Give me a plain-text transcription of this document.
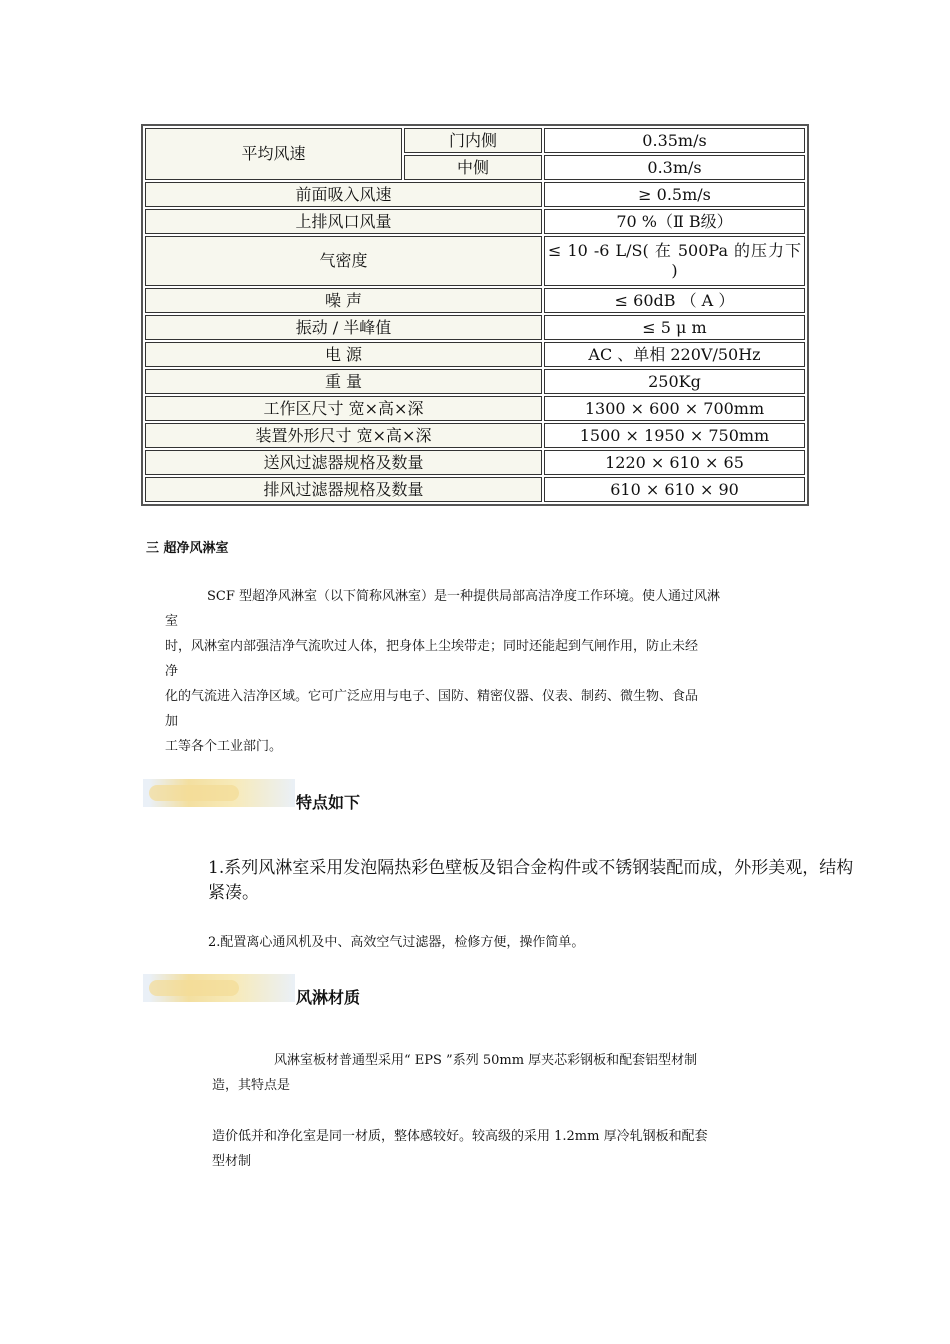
平均风速	门内侧	0.35m/s
	中侧	0.3m/s
前面吸入风速		≥ 0.5m/s
上排风口风量		70 %（Ⅱ B级）
气密度		≤ 10 -6 L/S( 在 500Pa 的压力下 )
噪 声		≤ 60dB （ A ）
振动 / 半峰值		≤ 5 μ m
电 源		AC 、单相 220V/50Hz
重 量		250Kg
工作区尺寸 宽×高×深		1300 × 600 × 700mm
装置外形尺寸 宽×高×深		1500 × 1950 × 750mm
送风过滤器规格及数量		1220 × 610 × 65
排风过滤器规格及数量		610 × 610 × 90
三 超净风淋室

SCF 型超净风淋室（以下简称风淋室）是一种提供局部高洁净度工作环境。使人通过风淋

室

时，风淋室内部强洁净气流吹过人体，把身体上尘埃带走；同时还能起到气闸作用，防止未经

净

化的气流进入洁净区域。它可广泛应用与电子、国防、精密仪器、仪表、制药、微生物、食品

加

工等各个工业部门。

特点如下

1.系列风淋室采用发泡隔热彩色壁板及铝合金构件或不锈钢装配而成，外形美观，结构紧凑。

2.配置离心通风机及中、高效空气过滤器，检修方便，操作简单。

风淋材质

风淋室板材普通型采用“ EPS ”系列 50mm 厚夹芯彩钢板和配套铝型材制

造，其特点是

造价低并和净化室是同一材质，整体感较好。较高级的采用 1.2mm 厚冷轧钢板和配套

型材制
